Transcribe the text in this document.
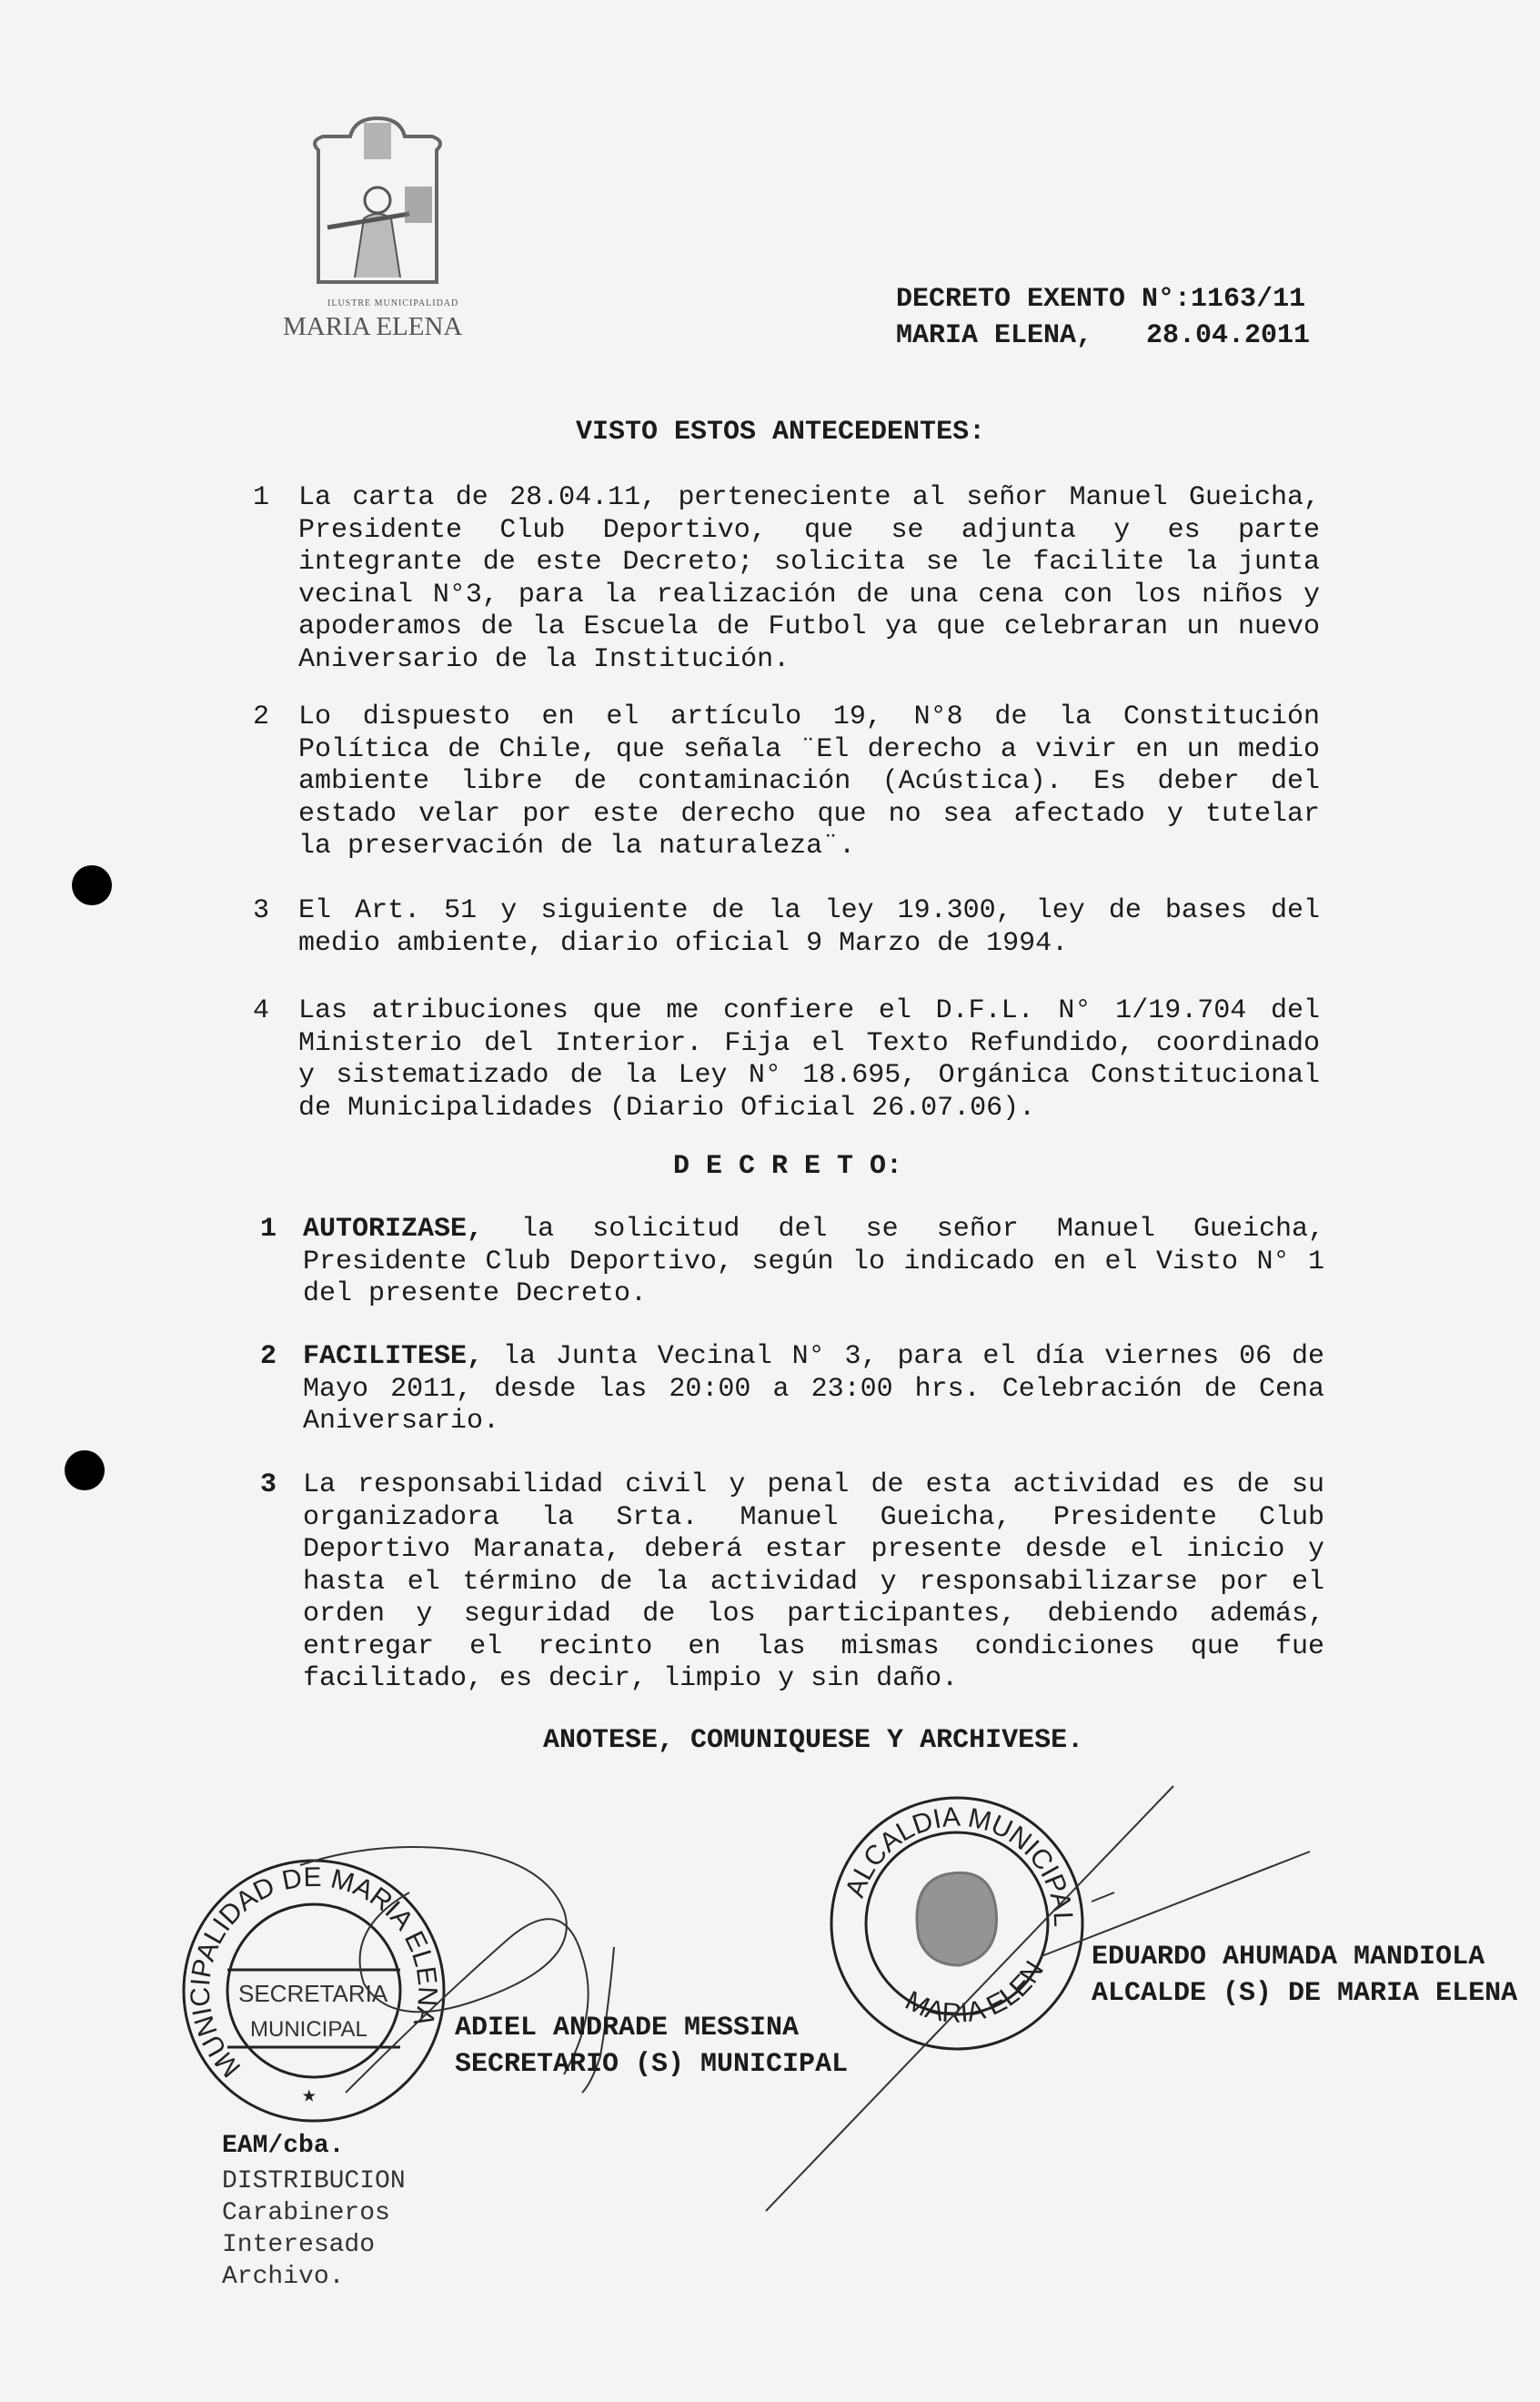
ILUSTRE MUNICIPALIDAD
MARIA ELENA
DECRETO EXENTO N°:1163/11
MARIA ELENA, 28.04.2011
VISTO ESTOS ANTECEDENTES:
1 La carta de 28.04.11, perteneciente al señor Manuel Gueicha,
Presidente Club Deportivo, que se adjunta y es parte
integrante de este Decreto; solicita se le facilite la junta
vecinal N°3, para la realización de una cena con los niños y
apoderamos de la Escuela de Futbol ya que celebraran un nuevo
Aniversario de la Institución.
2 Lo dispuesto en el artículo 19, N°8 de la Constitución
Política de Chile, que señala ¨El derecho a vivir en un medio
ambiente libre de contaminación (Acústica). Es deber del
estado velar por este derecho que no sea afectado y tutelar
la preservación de la naturaleza¨.
3 El Art. 51 y siguiente de la ley 19.300, ley de bases del
medio ambiente, diario oficial 9 Marzo de 1994.
4 Las atribuciones que me confiere el D.F.L. N° 1/19.704 del
Ministerio del Interior. Fija el Texto Refundido, coordinado
y sistematizado de la Ley N° 18.695, Orgánica Constitucional
de Municipalidades (Diario Oficial 26.07.06).
D E C R E T O:
1 AUTORIZASE, la solicitud del se señor Manuel Gueicha,
Presidente Club Deportivo, según lo indicado en el Visto N° 1
del presente Decreto.
2 FACILITESE, la Junta Vecinal N° 3, para el día viernes 06 de
Mayo 2011, desde las 20:00 a 23:00 hrs. Celebración de Cena
Aniversario.
3 La responsabilidad civil y penal de esta actividad es de su
organizadora la Srta. Manuel Gueicha, Presidente Club
Deportivo Maranata, deberá estar presente desde el inicio y
hasta el término de la actividad y responsabilizarse por el
orden y seguridad de los participantes, debiendo además,
entregar el recinto en las mismas condiciones que fue
facilitado, es decir, limpio y sin daño.
ANOTESE, COMUNIQUESE Y ARCHIVESE.
MUNICIPALIDAD DE MARIA ELENA
SECRETARIA
MUNICIPAL
★
ALCALDIA MUNICIPAL
MARIA ELEN
ADIEL ANDRADE MESSINA
SECRETARIO (S) MUNICIPAL
EDUARDO AHUMADA MANDIOLA
ALCALDE (S) DE MARIA ELENA
EAM/cba.
DISTRIBUCION
Carabineros
Interesado
Archivo.
